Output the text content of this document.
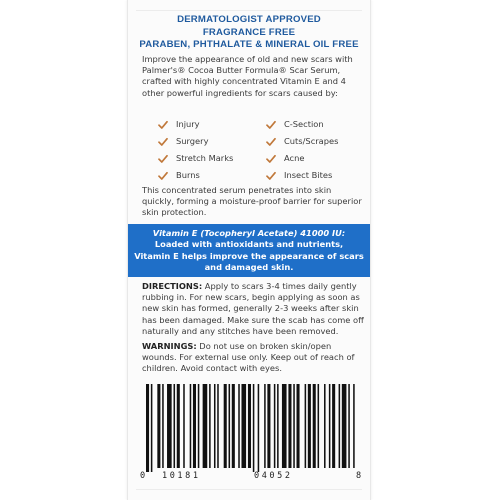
DERMATOLOGIST APPROVED
FRAGRANCE FREE
PARABEN, PHTHALATE & MINERAL OIL FREE
Improve the appearance of old and new scars with Palmer's® Cocoa Butter Formula® Scar Serum, crafted with highly concentrated Vitamin E and 4 other powerful ingredients for scars caused by:
Injury	C-Section
Surgery	Cuts/Scrapes
Stretch Marks	Acne
Burns	Insect Bites
This concentrated serum penetrates into skin quickly, forming a moisture-proof barrier for superior skin protection.
Vitamin E (Tocopheryl Acetate) 41000 IU:
Loaded with antioxidants and nutrients,
Vitamin E helps improve the appearance of scars
and damaged skin.
DIRECTIONS: Apply to scars 3-4 times daily gently rubbing in. For new scars, begin applying as soon as new skin has formed, generally 2-3 weeks after skin has been damaged. Make sure the scab has come off naturally and any stitches have been removed.
WARNINGS: Do not use on broken skin/open wounds. For external use only. Keep out of reach of children. Avoid contact with eyes.
0 10181	04052	8
